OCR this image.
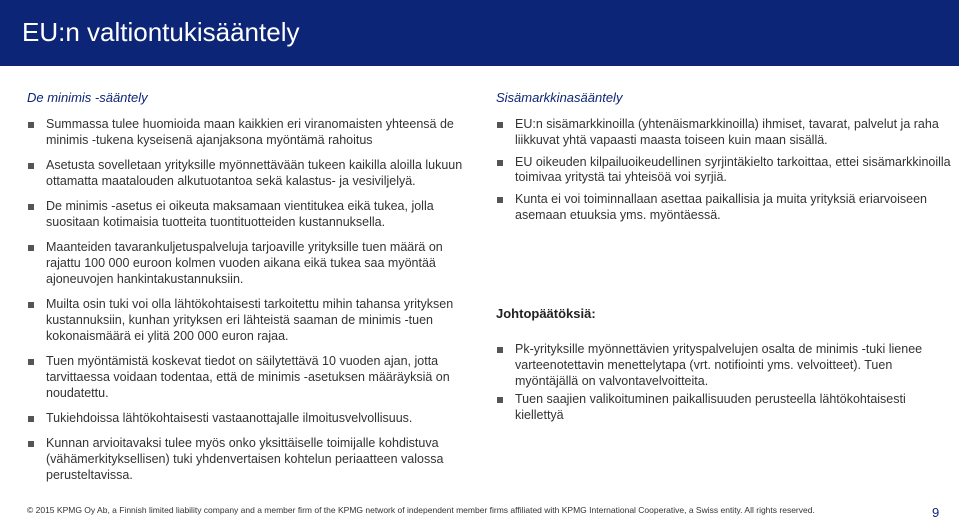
EU:n valtiontukisääntely

De minimis -sääntely

Summassa tulee huomioida maan kaikkien eri viranomaisten yhteensä de minimis -tukena kyseisenä ajanjaksona myöntämä rahoitus
Asetusta sovelletaan yrityksille myönnettävään tukeen kaikilla aloilla lukuun ottamatta maatalouden alkutuotantoa sekä kalastus- ja vesiviljelyä.
De minimis -asetus ei oikeuta maksamaan vientitukea eikä tukea, jolla suositaan kotimaisia tuotteita tuontituotteiden kustannuksella.
Maanteiden tavarankuljetuspalveluja tarjoaville yrityksille tuen määrä on rajattu 100 000 euroon kolmen vuoden aikana eikä tukea saa myöntää ajoneuvojen hankintakustannuksiin.
Muilta osin tuki voi olla lähtökohtaisesti tarkoitettu mihin tahansa yrityksen kustannuksiin, kunhan yrityksen eri lähteistä saaman de minimis -tuen kokonaismäärä ei ylitä 200 000 euron rajaa.
Tuen myöntämistä koskevat tiedot on säilytettävä 10 vuoden ajan, jotta tarvittaessa voidaan todentaa, että de minimis -asetuksen määräyksiä on noudatettu.
Tukiehdoissa lähtökohtaisesti vastaanottajalle ilmoitusvelvollisuus.
Kunnan arvioitavaksi tulee myös onko yksittäiselle toimijalle kohdistuva (vähämerkityksellisen) tuki yhdenvertaisen kohtelun periaatteen valossa perusteltavissa.

Sisämarkkinasääntely

EU:n sisämarkkinoilla (yhtenäismarkkinoilla) ihmiset, tavarat, palvelut ja raha liikkuvat yhtä vapaasti maasta toiseen kuin maan sisällä.
EU oikeuden kilpailuoikeudellinen syrjintäkielto tarkoittaa, ettei sisämarkkinoilla toimivaa yritystä tai yhteisöä voi syrjiä.
Kunta ei voi toiminnallaan asettaa paikallisia ja muita yrityksiä eriarvoiseen asemaan etuuksia yms. myöntäessä.
Johtopäätöksiä:
Pk-yrityksille myönnettävien yrityspalvelujen osalta de minimis -tuki lienee varteenotettavin menettelytapa (vrt. notifiointi yms. velvoitteet). Tuen myöntäjällä on valvontavelvoitteita.
Tuen saajien valikoituminen paikallisuuden perusteella lähtökohtaisesti kiellettyä
© 2015 KPMG Oy Ab, a Finnish limited liability company and a member firm of the KPMG network of independent member firms affiliated with KPMG International Cooperative, a Swiss entity. All rights reserved.	9
